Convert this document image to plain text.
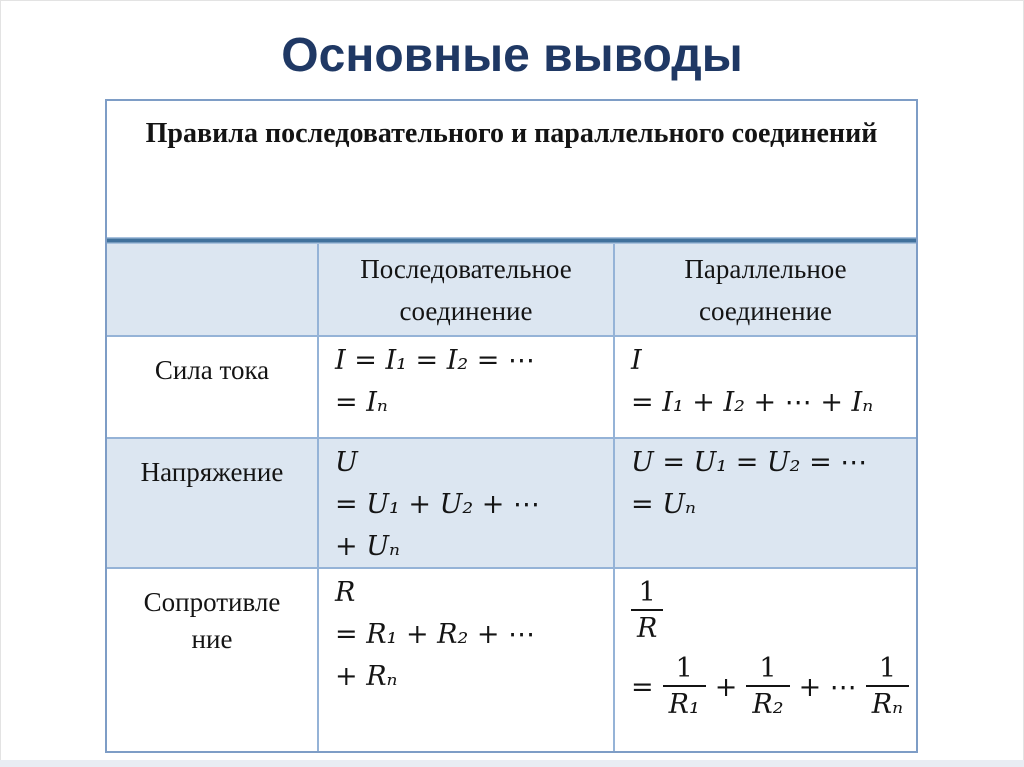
Основные выводы
Правила последовательного и параллельного соединений
Последовательное соединение
Параллельное соединение
Сила тока	I = I₁ = I₂ = ⋯
= Iₙ
I
= I₁ + I₂ + ⋯ + Iₙ
Напряжение	U
= U₁ + U₂ + ⋯
+ Uₙ
U = U₁ = U₂ = ⋯
= Uₙ
Сопротивле
ние
R
= R₁ + R₂ + ⋯
+ Rₙ
$\frac{1}{R}$
= $\frac{1}{\text{R₁}} + \frac{1}{\text{R₂}}$ + ⋯ $\frac{1}{\text{Rₙ}}$
